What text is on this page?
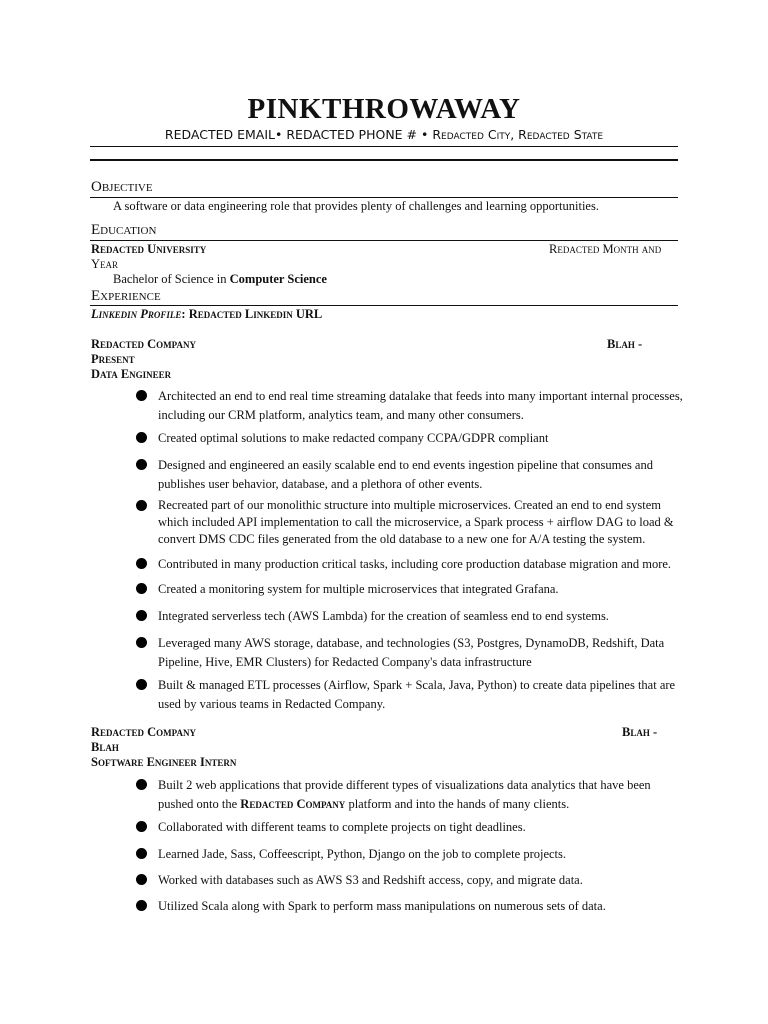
PINKTHROWAWAY
REDACTED EMAIL• REDACTED PHONE # • Redacted City, Redacted State
Objective
A software or data engineering role that provides plenty of challenges and learning opportunities.
Education
Redacted University	Redacted Month and
Year
Bachelor of Science in Computer Science
Experience
Linkedin Profile: Redacted Linkedin URL
Redacted Company	Blah -
Present
Data Engineer
Architected an end to end real time streaming datalake that feeds into many important internal processes, including our CRM platform, analytics team, and many other consumers.
Created optimal solutions to make redacted company CCPA/GDPR compliant
Designed and engineered an easily scalable end to end events ingestion pipeline that consumes and publishes user behavior, database, and a plethora of other events.
Recreated part of our monolithic structure into multiple microservices. Created an end to end system which included API implementation to call the microservice, a Spark process + airflow DAG to load & convert DMS CDC files generated from the old database to a new one for A/A testing the system.
Contributed in many production critical tasks, including core production database migration and more.
Created a monitoring system for multiple microservices that integrated Grafana.
Integrated serverless tech (AWS Lambda) for the creation of seamless end to end systems.
Leveraged many AWS storage, database, and technologies (S3, Postgres, DynamoDB, Redshift, Data Pipeline, Hive, EMR Clusters) for Redacted Company's data infrastructure
Built & managed ETL processes (Airflow, Spark + Scala, Java, Python) to create data pipelines that are used by various teams in Redacted Company.
Redacted Company	Blah -
Blah
Software Engineer Intern
Built 2 web applications that provide different types of visualizations data analytics that have been pushed onto the Redacted Company platform and into the hands of many clients.
Collaborated with different teams to complete projects on tight deadlines.
Learned Jade, Sass, Coffeescript, Python, Django on the job to complete projects.
Worked with databases such as AWS S3 and Redshift access, copy, and migrate data.
Utilized Scala along with Spark to perform mass manipulations on numerous sets of data.
